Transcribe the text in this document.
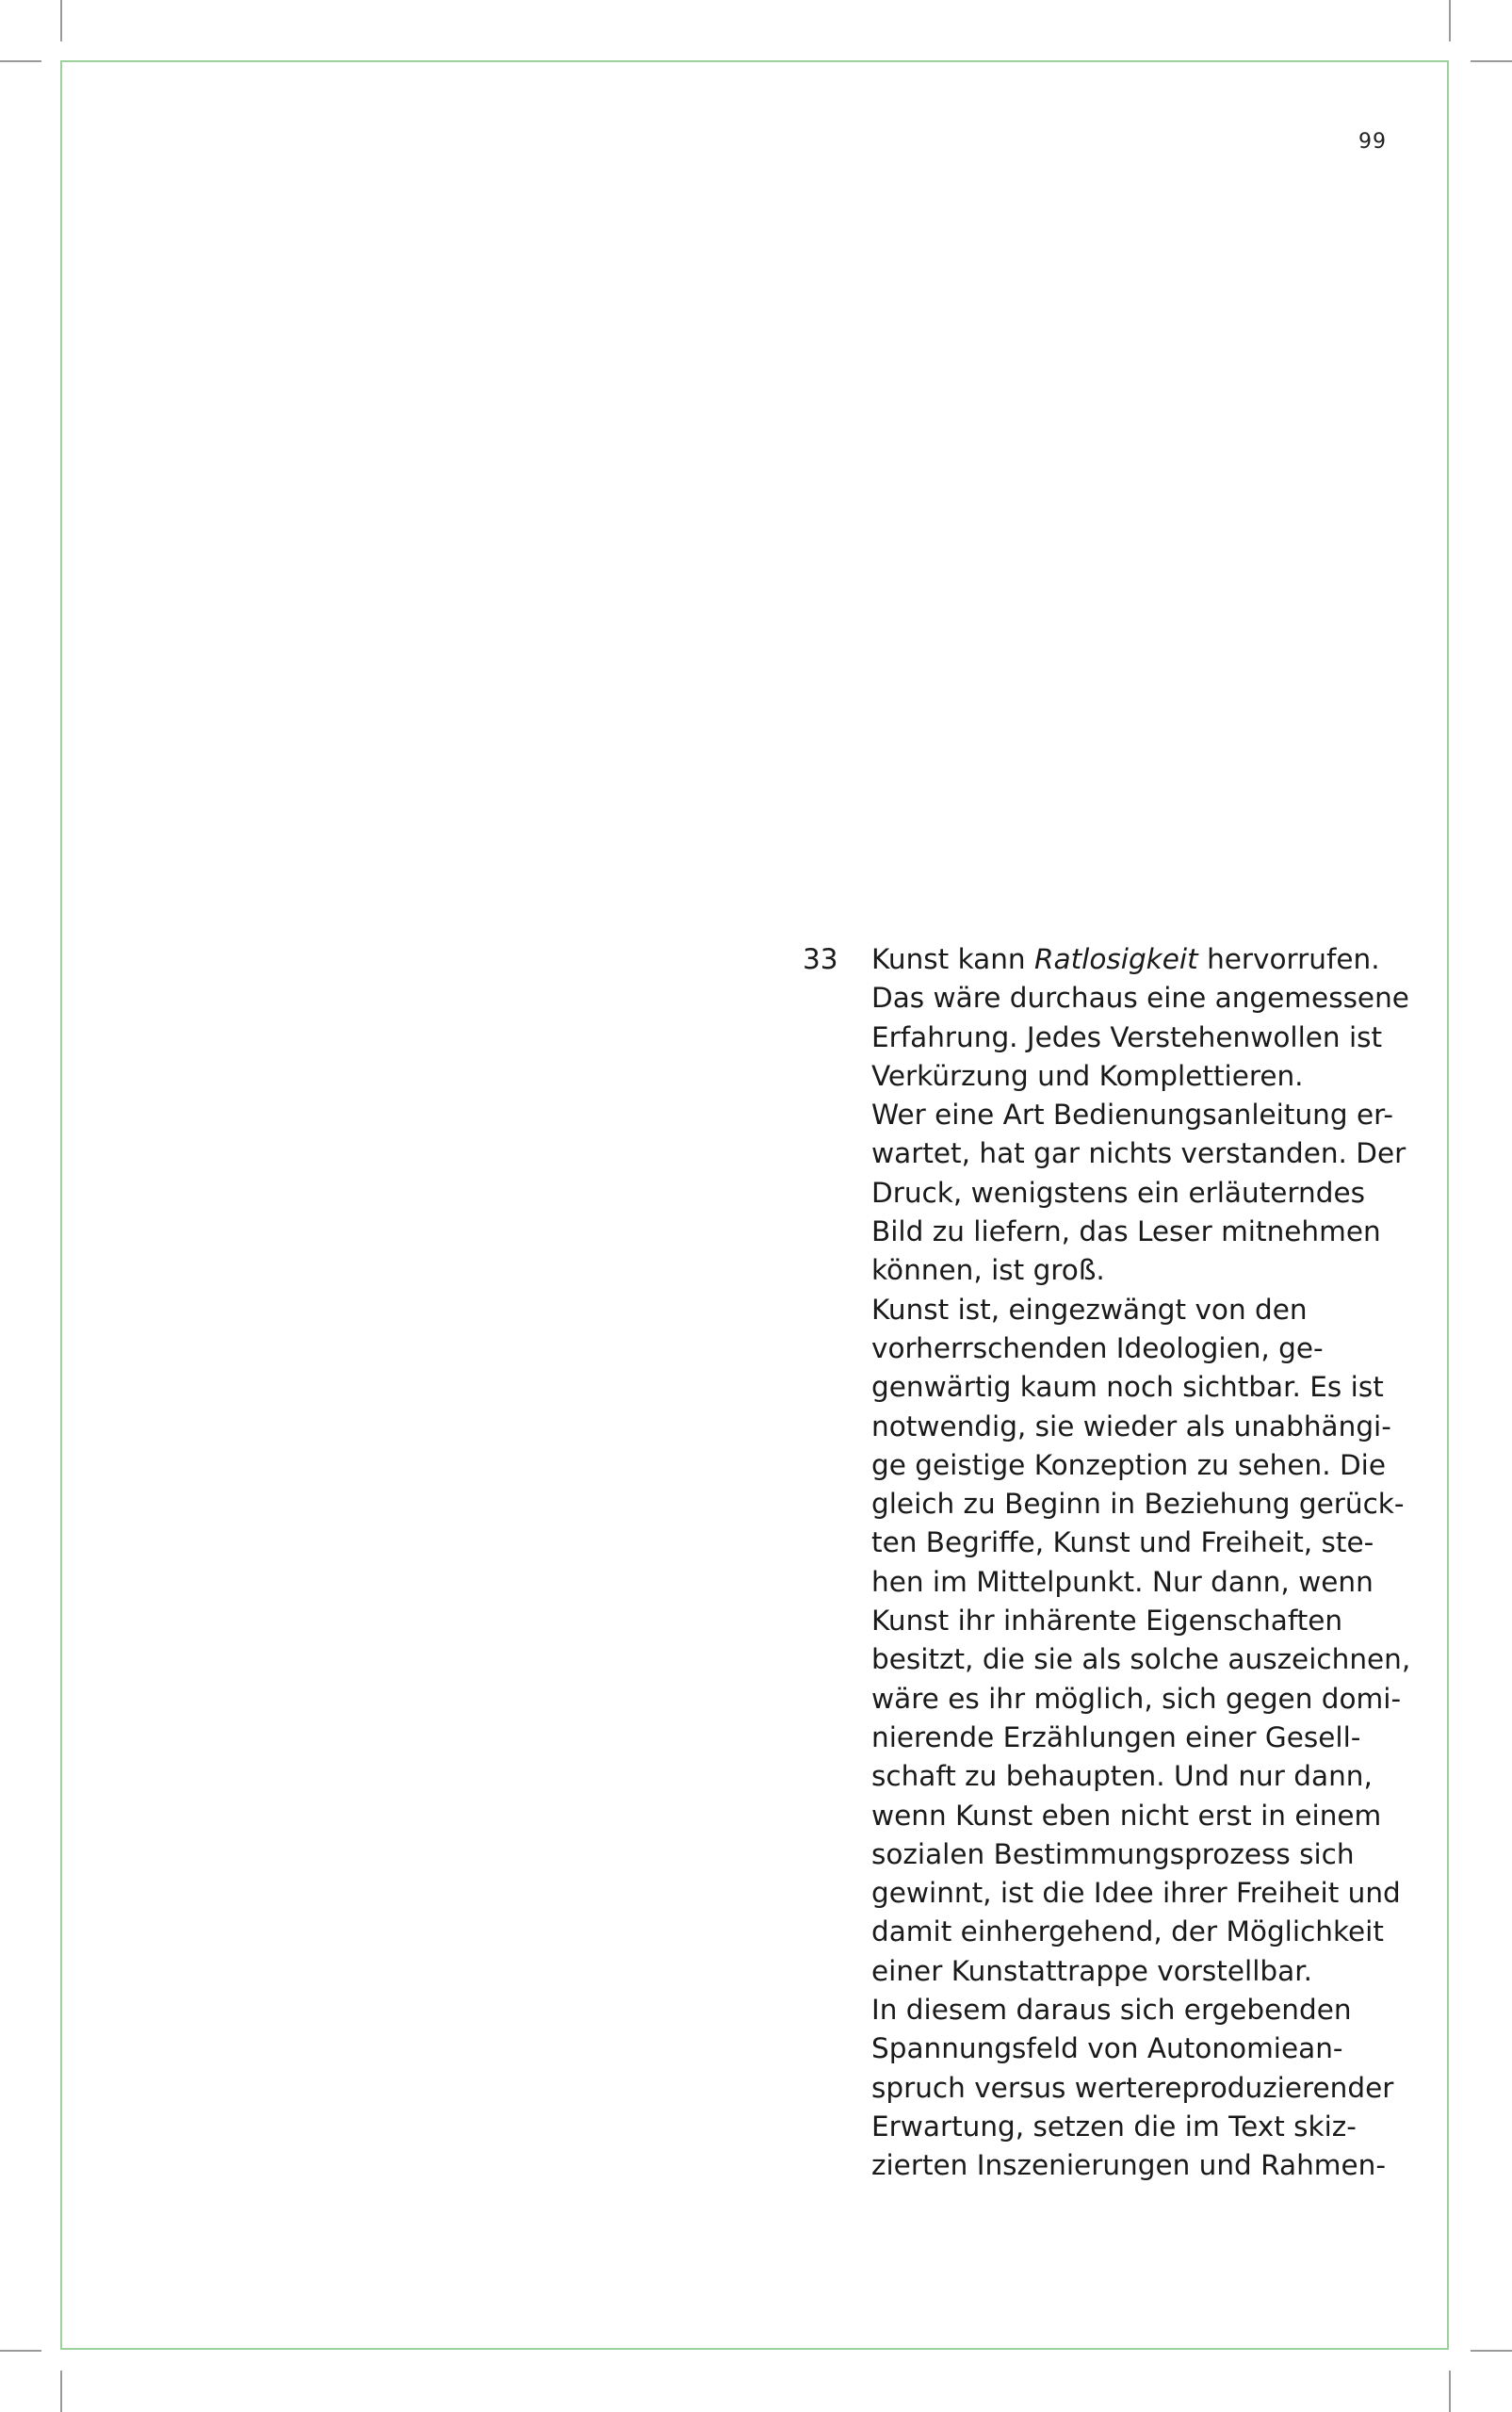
99
33 Kunst kann Ratlosigkeit hervorrufen.
Das wäre durchaus eine angemessene
Erfahrung. Jedes Verstehenwollen ist
Verkürzung und Komplettieren.
Wer eine Art Bedienungsanleitung er-
wartet, hat gar nichts verstanden. Der
Druck, wenigstens ein erläuterndes
Bild zu liefern, das Leser mitnehmen
können, ist groß.
Kunst ist, eingezwängt von den
vorherrschenden Ideologien, ge-
genwärtig kaum noch sichtbar. Es ist
notwendig, sie wieder als unabhängi-
ge geistige Konzeption zu sehen. Die
gleich zu Beginn in Beziehung gerück-
ten Begriffe, Kunst und Freiheit, ste-
hen im Mittelpunkt. Nur dann, wenn
Kunst ihr inhärente Eigenschaften
besitzt, die sie als solche auszeichnen,
wäre es ihr möglich, sich gegen domi-
nierende Erzählungen einer Gesell-
schaft zu behaupten. Und nur dann,
wenn Kunst eben nicht erst in einem
sozialen Bestimmungsprozess sich
gewinnt, ist die Idee ihrer Freiheit und
damit einhergehend, der Möglichkeit
einer Kunstattrappe vorstellbar.
In diesem daraus sich ergebenden
Spannungsfeld von Autonomiean-
spruch versus wertereproduzierender
Erwartung, setzen die im Text skiz-
zierten Inszenierungen und Rahmen-
